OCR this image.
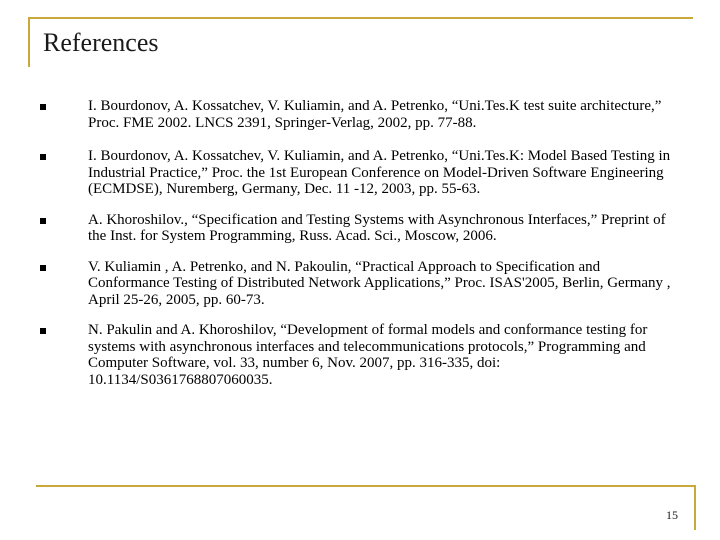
References
I. Bourdonov, A. Kossatchev, V. Kuliamin, and A. Petrenko, “Uni.Tes.K test suite architecture,” Proc. FME 2002. LNCS 2391, Springer-Verlag, 2002, pp. 77-88.
I. Bourdonov, A. Kossatchev, V. Kuliamin, and A. Petrenko, “Uni.Tes.K: Model Based Testing in Industrial Practice,” Proc. the 1st European Conference on Model-Driven Software Engineering (ECMDSE), Nuremberg, Germany, Dec. 11 -12, 2003, pp. 55-63.
A. Khoroshilov., “Specification and Testing Systems with Asynchronous Interfaces,” Preprint of the Inst. for System Programming, Russ. Acad. Sci., Moscow, 2006.
V. Kuliamin , A. Petrenko, and N. Pakoulin, “Practical Approach to Specification and Conformance Testing of Distributed Network Applications,” Proc. ISAS'2005, Berlin, Germany , April 25-26, 2005, pp. 60-73.
N. Pakulin and A. Khoroshilov, “Development of formal models and conformance testing for systems with asynchronous interfaces and telecommunications protocols,” Programming and Computer Software, vol. 33, number 6, Nov. 2007, pp. 316-335, doi: 10.1134/S0361768807060035.
15
